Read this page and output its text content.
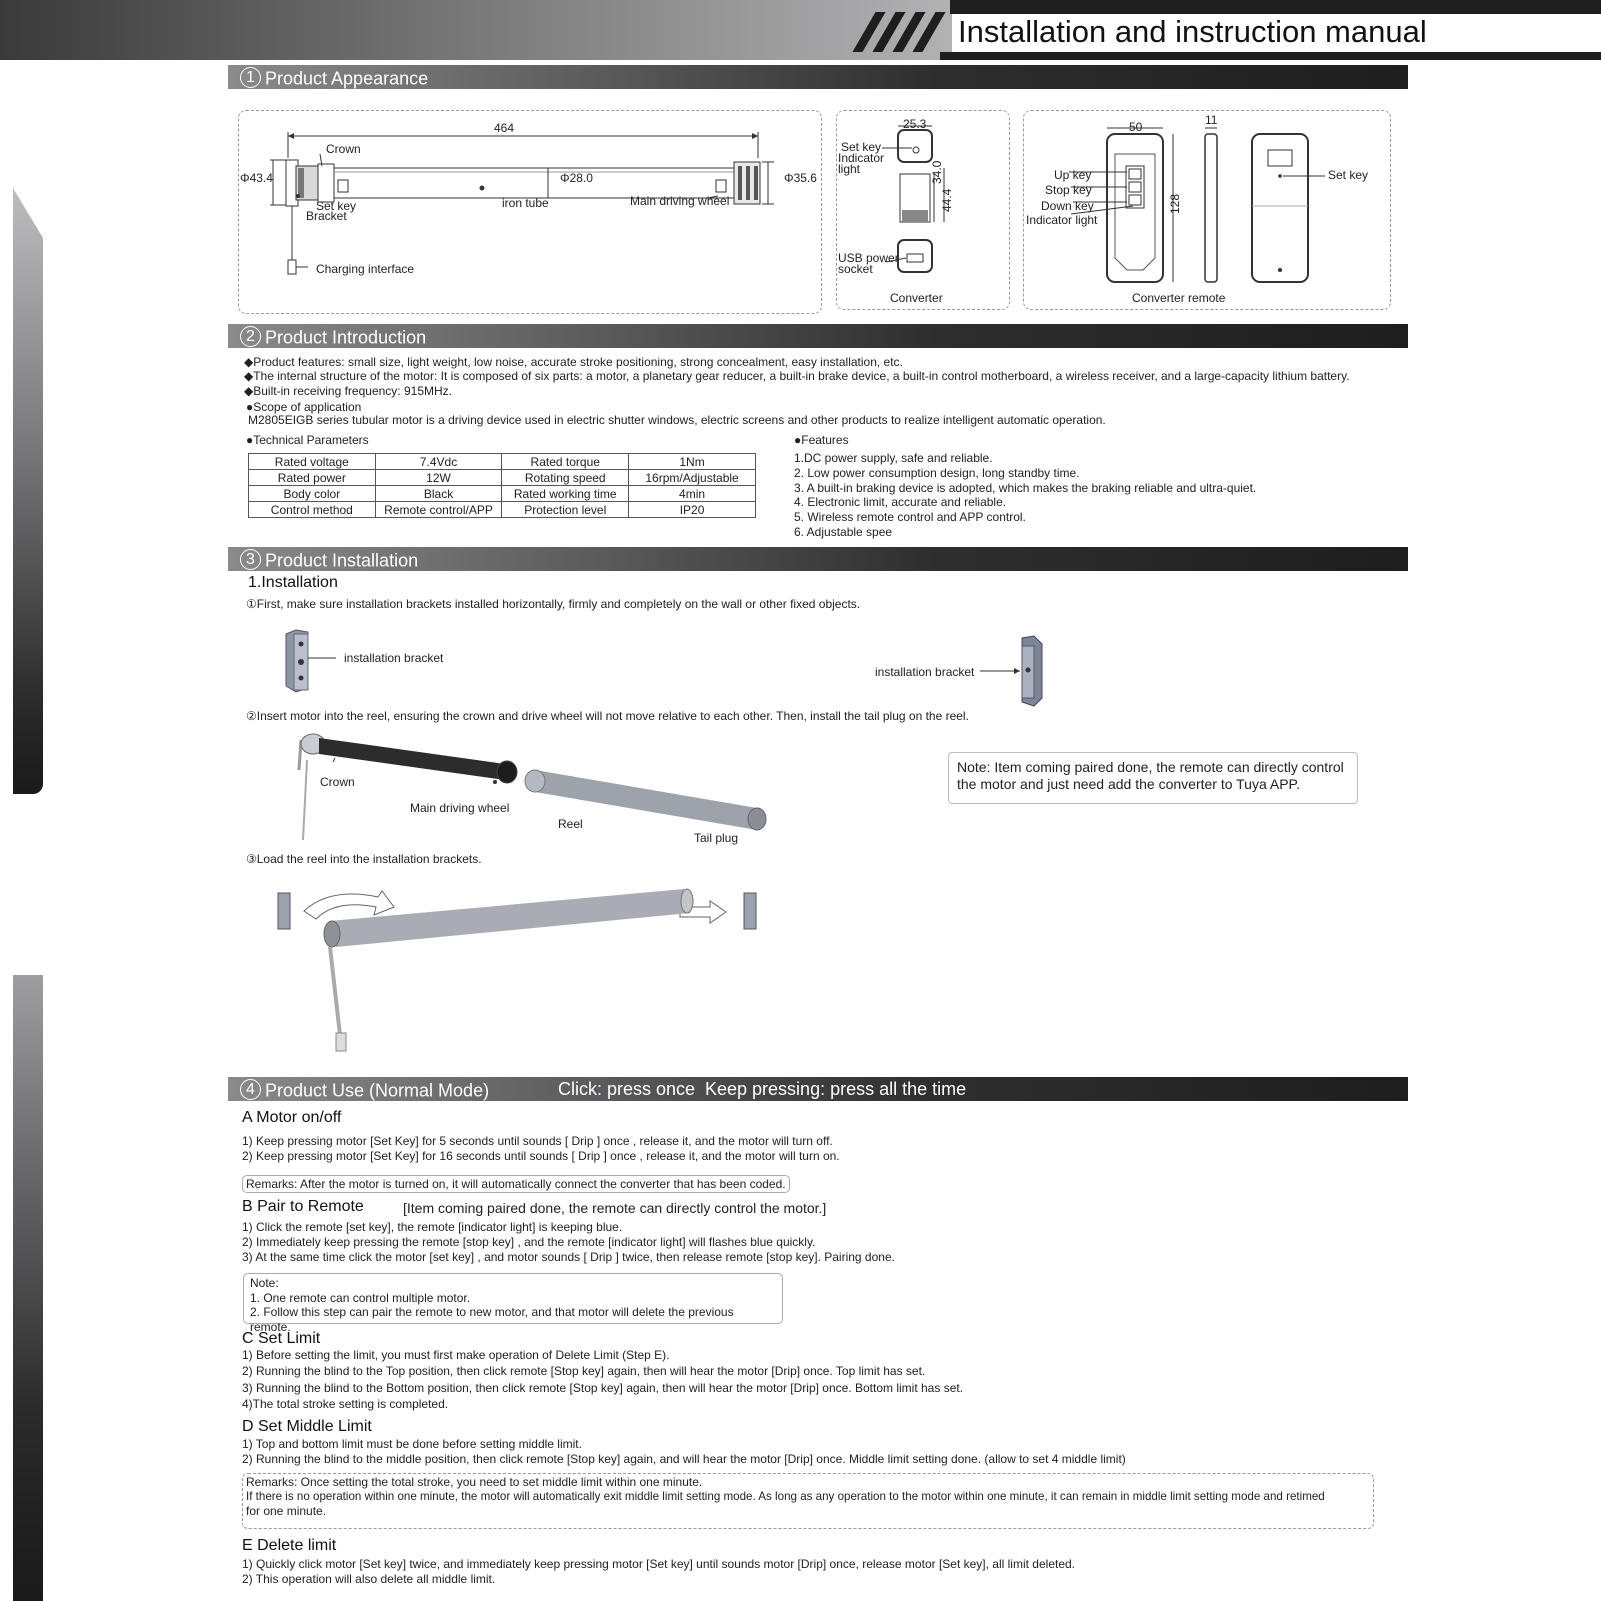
Installation and instruction manual
1 Product Appearance
464
Crown
Φ43.4	Φ28.0	Φ35.6
Set key
Bracket
iron tube	Main driving wheel
Charging interface
25.3
Set key
Indicator
light	34.0
44.4
USB power
socket
Converter
50	11
128
Up key
Stop key
Down key
Indicator light
Set key
Converter remote
2 Product Introduction
◆Product features: small size, light weight, low noise, accurate stroke positioning, strong concealment, easy installation, etc.
◆The internal structure of the motor: It is composed of six parts: a motor, a planetary gear reducer, a built-in brake device, a built-in control motherboard, a wireless receiver, and a large-capacity lithium battery.
◆Built-in receiving frequency: 915MHz.
●Scope of application
M2805EIGB series tubular motor is a driving device used in electric shutter windows, electric screens and other products to realize intelligent automatic operation.
●Technical Parameters
Rated voltage	7.4Vdc	Rated torque	1Nm
Rated power	12W	Rotating speed	16rpm/Adjustable
Body color	Black	Rated working time	4min
Control method	Remote control/APP	Protection level	IP20
●Features
1.DC power supply, safe and reliable.
2. Low power consumption design, long standby time.
3. A built-in braking device is adopted, which makes the braking reliable and ultra-quiet.
4. Electronic limit, accurate and reliable.
5. Wireless remote control and APP control.
6. Adjustable spee
3 Product Installation
1.Installation
①First, make sure installation brackets installed horizontally, firmly and completely on the wall or other fixed objects.
installation bracket
installation bracket
②Insert motor into the reel, ensuring the crown and drive wheel will not move relative to each other. Then, install the tail plug on the reel.
Crown
Main driving wheel
Reel
Tail plug
Note: Item coming paired done, the remote can directly control the motor and just need add the converter to Tuya APP.
③Load the reel into the installation brackets.
4 Product Use (Normal Mode)	Click: press once Keep pressing: press all the time
A Motor on/off
1) Keep pressing motor [Set Key] for 5 seconds until sounds [ Drip ] once , release it, and the motor will turn off.
2) Keep pressing motor [Set Key] for 16 seconds until sounds [ Drip ] once , release it, and the motor will turn on.
Remarks: After the motor is turned on, it will automatically connect the converter that has been coded.
B Pair to Remote	[Item coming paired done, the remote can directly control the motor.]
1) Click the remote [set key], the remote [indicator light] is keeping blue.
2) Immediately keep pressing the remote [stop key] , and the remote [indicator light] will flashes blue quickly.
3) At the same time click the motor [set key] , and motor sounds [ Drip ] twice, then release remote [stop key]. Pairing done.
Note:
1. One remote can control multiple motor.
2. Follow this step can pair the remote to new motor, and that motor will delete the previous remote.
C Set Limit
1) Before setting the limit, you must first make operation of Delete Limit (Step E).
2) Running the blind to the Top position, then click remote [Stop key] again, then will hear the motor [Drip] once. Top limit has set.
3) Running the blind to the Bottom position, then click remote [Stop key] again, then will hear the motor [Drip] once. Bottom limit has set.
4)The total stroke setting is completed.
D Set Middle Limit
1) Top and bottom limit must be done before setting middle limit.
2) Running the blind to the middle position, then click remote [Stop key] again, and will hear the motor [Drip] once. Middle limit setting done. (allow to set 4 middle limit)
Remarks: Once setting the total stroke, you need to set middle limit within one minute.
If there is no operation within one minute, the motor will automatically exit middle limit setting mode. As long as any operation to the motor within one minute, it can remain in middle limit setting mode and retimed
for one minute.
E Delete limit
1) Quickly click motor [Set key] twice, and immediately keep pressing motor [Set key] until sounds motor [Drip] once, release motor [Set key], all limit deleted.
2) This operation will also delete all middle limit.
